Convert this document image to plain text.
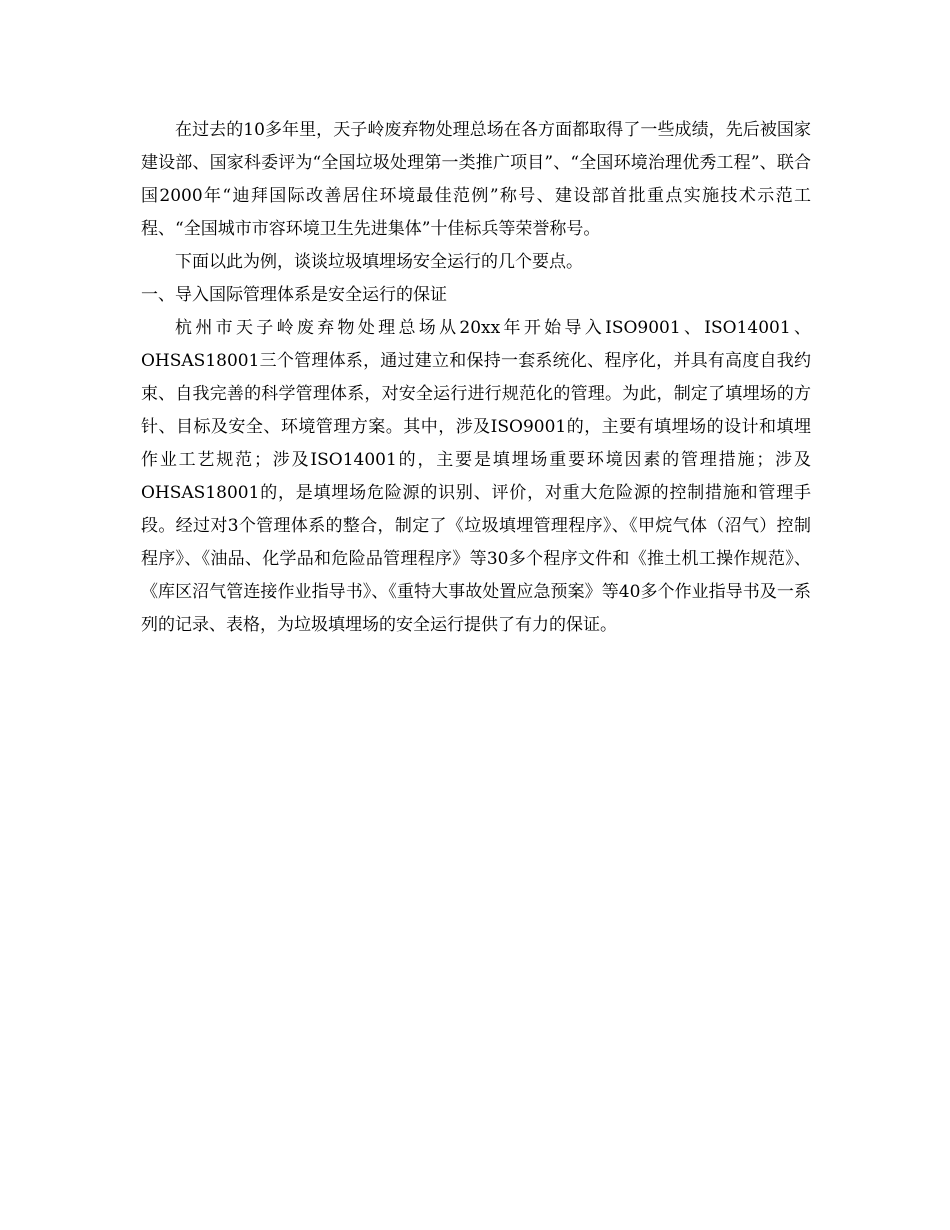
在过去的10多年里，天子岭废弃物处理总场在各方面都取得了一些成绩，先后被国家建设部、国家科委评为“全国垃圾处理第一类推广项目”、“全国环境治理优秀工程”、联合国2000年“迪拜国际改善居住环境最佳范例”称号、建设部首批重点实施技术示范工程、“全国城市市容环境卫生先进集体”十佳标兵等荣誉称号。

下面以此为例，谈谈垃圾填埋场安全运行的几个要点。

一、导入国际管理体系是安全运行的保证

杭州市天子岭废弃物处理总场从20xx年开始导入ISO9001、ISO14001、OHSAS18001三个管理体系，通过建立和保持一套系统化、程序化，并具有高度自我约束、自我完善的科学管理体系，对安全运行进行规范化的管理。为此，制定了填埋场的方针、目标及安全、环境管理方案。其中，涉及ISO9001的，主要有填埋场的设计和填埋作业工艺规范；涉及ISO14001的，主要是填埋场重要环境因素的管理措施；涉及OHSAS18001的，是填埋场危险源的识别、评价，对重大危险源的控制措施和管理手段。经过对3个管理体系的整合，制定了《垃圾填埋管理程序》、《甲烷气体（沼气）控制程序》、《油品、化学品和危险品管理程序》等30多个程序文件和《推土机工操作规范》、《库区沼气管连接作业指导书》、《重特大事故处置应急预案》等40多个作业指导书及一系列的记录、表格，为垃圾填埋场的安全运行提供了有力的保证。
